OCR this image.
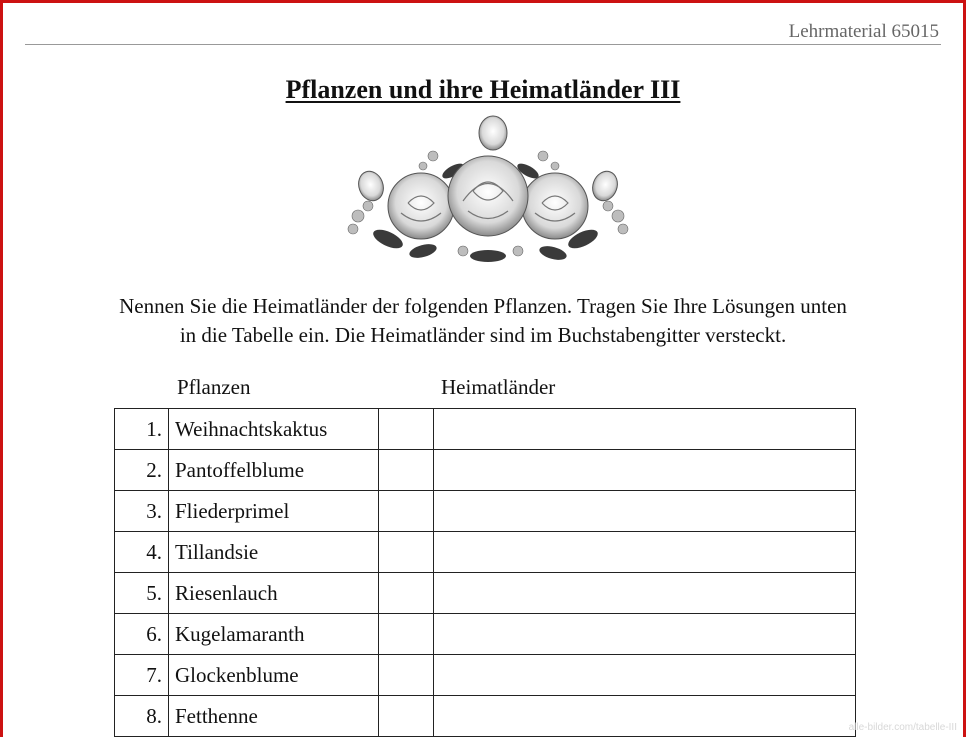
Lehrmaterial 65015
Pflanzen und ihre Heimatländer III
Nennen Sie die Heimatländer der folgenden Pflanzen. Tragen Sie Ihre Lösungen unten
in die Tabelle ein. Die Heimatländer sind im Buchstabengitter versteckt.
Pflanzen	Heimatländer
1.	Weihnachtskaktus		
2.	Pantoffelblume		
3.	Fliederprimel		
4.	Tillandsie		
5.	Riesenlauch		
6.	Kugelamaranth		
7.	Glockenblume		
8.	Fetthenne			alle-bilder.com/tabelle-III
